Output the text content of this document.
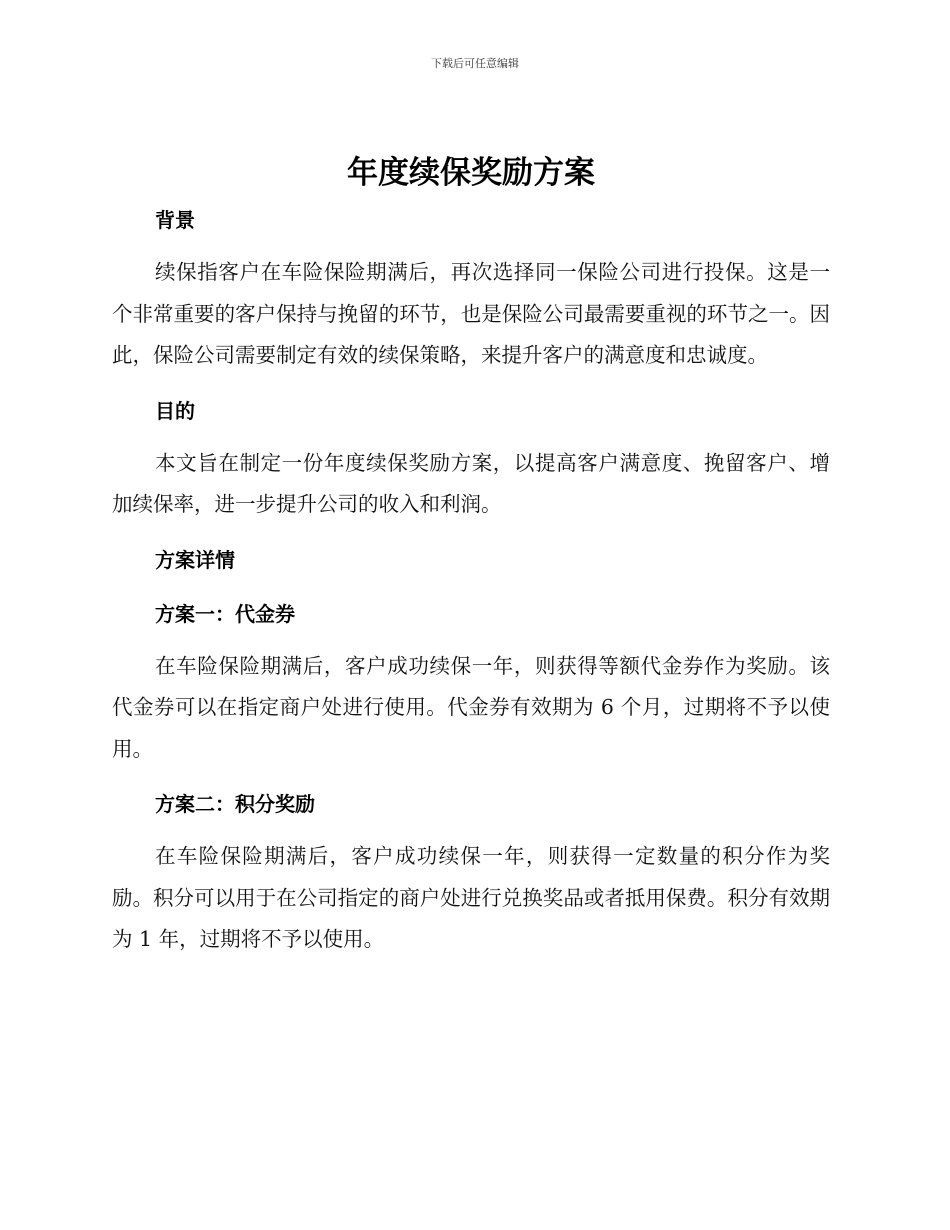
下载后可任意编辑
年度续保奖励方案
背景

续保指客户在车险保险期满后，再次选择同一保险公司进行投保。这是一个非常重要的客户保持与挽留的环节，也是保险公司最需要重视的环节之一。因此，保险公司需要制定有效的续保策略，来提升客户的满意度和忠诚度。

目的

本文旨在制定一份年度续保奖励方案，以提高客户满意度、挽留客户、增加续保率，进一步提升公司的收入和利润。

方案详情
方案一：代金券

在车险保险期满后，客户成功续保一年，则获得等额代金券作为奖励。该代金券可以在指定商户处进行使用。代金券有效期为 6 个月，过期将不予以使用。

方案二：积分奖励

在车险保险期满后，客户成功续保一年，则获得一定数量的积分作为奖励。积分可以用于在公司指定的商户处进行兑换奖品或者抵用保费。积分有效期为 1 年，过期将不予以使用。
